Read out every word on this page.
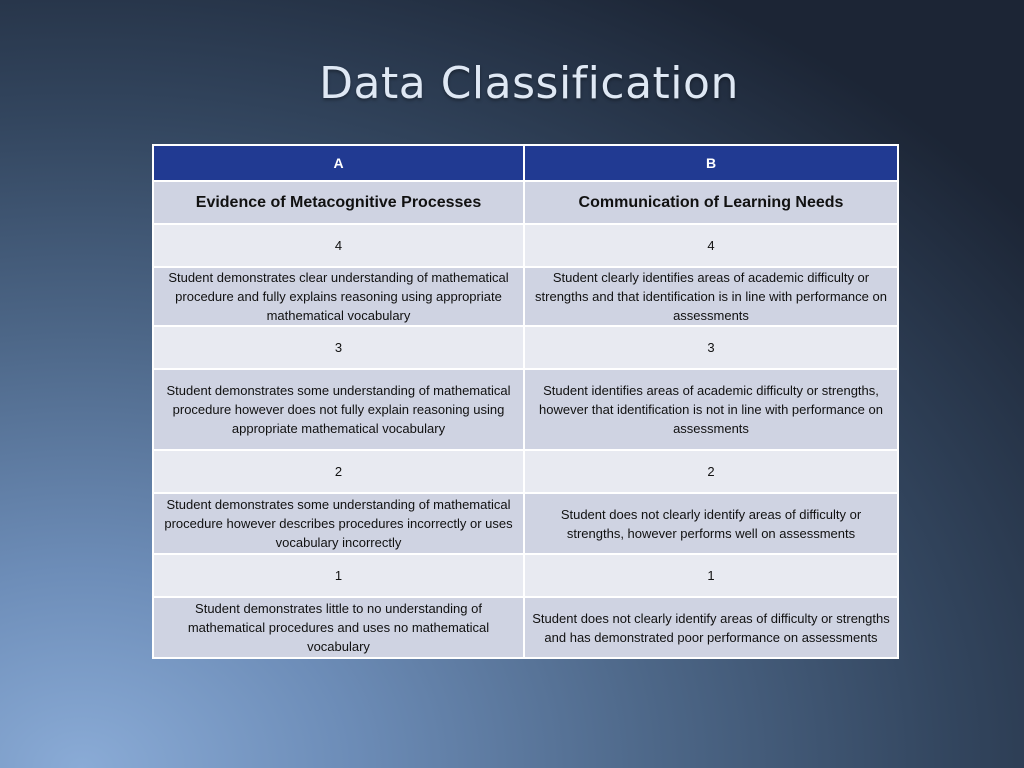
Data Classification
A	B
Evidence of Metacognitive Processes	Communication of Learning Needs
4	4
Student demonstrates clear understanding of mathematical procedure and fully explains reasoning using appropriate mathematical vocabulary	Student clearly identifies areas of academic difficulty or strengths and that identification is in line with performance on assessments
3	3
Student demonstrates some understanding of mathematical procedure however does not fully explain reasoning using appropriate mathematical vocabulary	Student identifies areas of academic difficulty or strengths, however that identification is not in line with performance on assessments
2	2
Student demonstrates some understanding of mathematical procedure however describes procedures incorrectly or uses vocabulary incorrectly	Student does not clearly identify areas of difficulty or strengths, however performs well on assessments
1	1
Student demonstrates little to no understanding of mathematical procedures and uses no mathematical vocabulary	Student does not clearly identify areas of difficulty or strengths and has demonstrated poor performance on assessments
